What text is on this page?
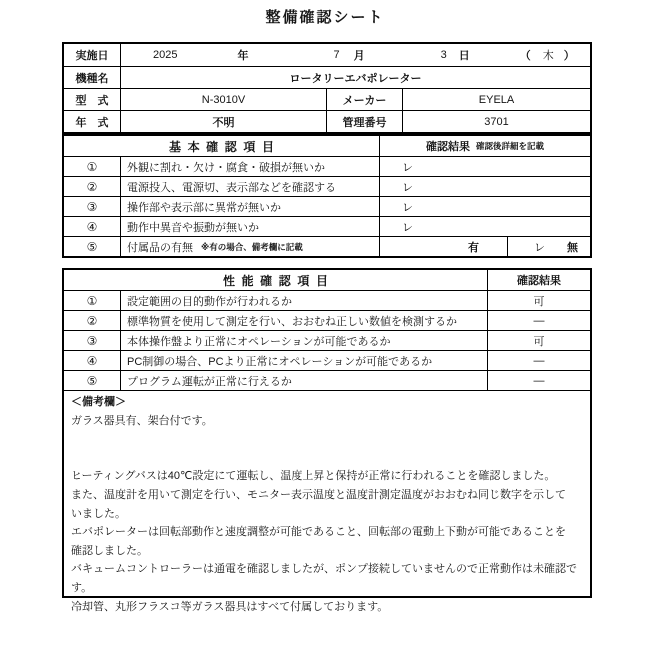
整備確認シート
実施日	2025	年	7 月	3 日	（ 木 ）
機種名	ロータリーエバポレーター
型　式	N-3010V	メーカー	EYELA
年　式	不明	管理番号	3701
基本確認項目	確認結果 確認後詳細を記載
①	外観に割れ・欠け・腐食・破損が無いか	レ
②	電源投入、電源切、表示部などを確認する	レ
③	操作部や表示部に異常が無いか	レ
④	動作中異音や振動が無いか	レ
⑤	付属品の有無 ※有の場合、備考欄に記載	有	レ 無
性能確認項目	確認結果
①	設定範囲の目的動作が行われるか	可
②	標準物質を使用して測定を行い、おおむね正しい数値を検測するか	―
③	本体操作盤より正常にオペレーションが可能であるか	可
④	PC制御の場合、PCより正常にオペレーションが可能であるか	―
⑤	プログラム運転が正常に行えるか	―
＜備考欄＞
ガラス器具有、架台付です。
ヒーティングバスは40℃設定にて運転し、温度上昇と保持が正常に行われることを確認しました。
また、温度計を用いて測定を行い、モニター表示温度と温度計測定温度がおおむね同じ数字を示して
いました。
エバポレーターは回転部動作と速度調整が可能であること、回転部の電動上下動が可能であることを
確認しました。
バキュームコントローラーは通電を確認しましたが、ポンプ接続していませんので正常動作は未確認です。
冷却管、丸形フラスコ等ガラス器具はすべて付属しております。
